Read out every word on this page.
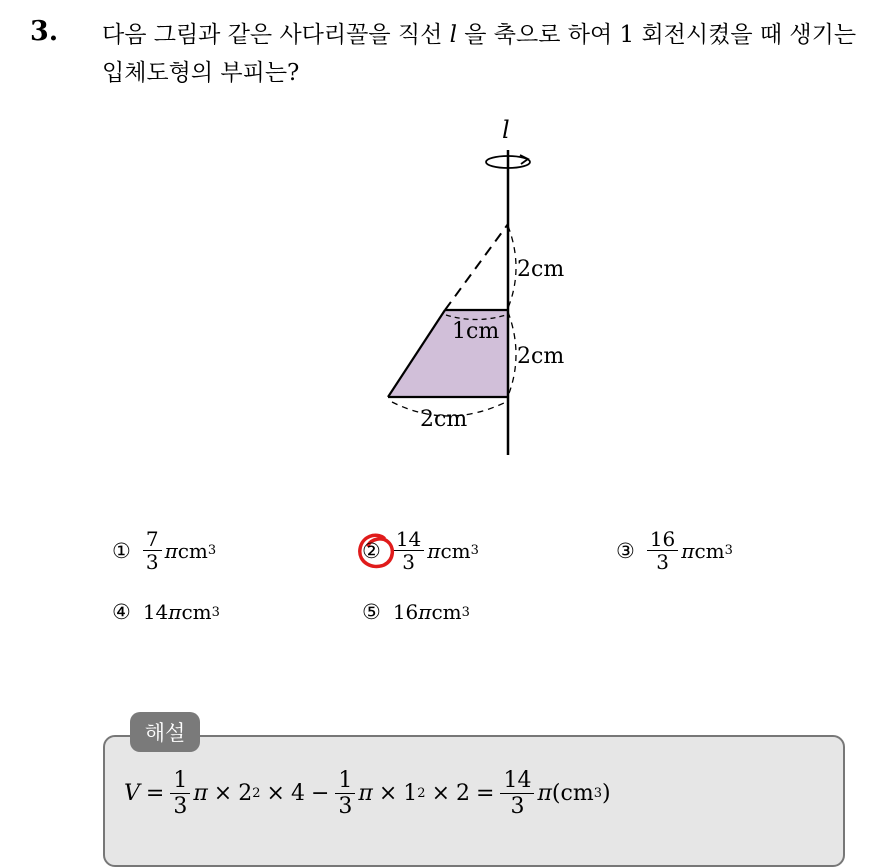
3. 다음 그림과 같은 사다리꼴을 직선 l 을 축으로 하여 1 회전시켰을 때 생기는 입체도형의 부피는?
l
2cm
2cm
1cm
2cm
① $\frac{7}{3}$ π cm 3	② $\frac{14}{3}$ π cm 3	③ $\frac{16}{3}$ π cm 3
④ 14 π cm 3	⑤ 16 π cm 3
해설
$V = \frac{1}{3}$ π × 2 $2 \times 4 - \frac{1}{3}$ π × 1 $2 \times 2 = \frac{14}{3}$ π (cm 3 )
